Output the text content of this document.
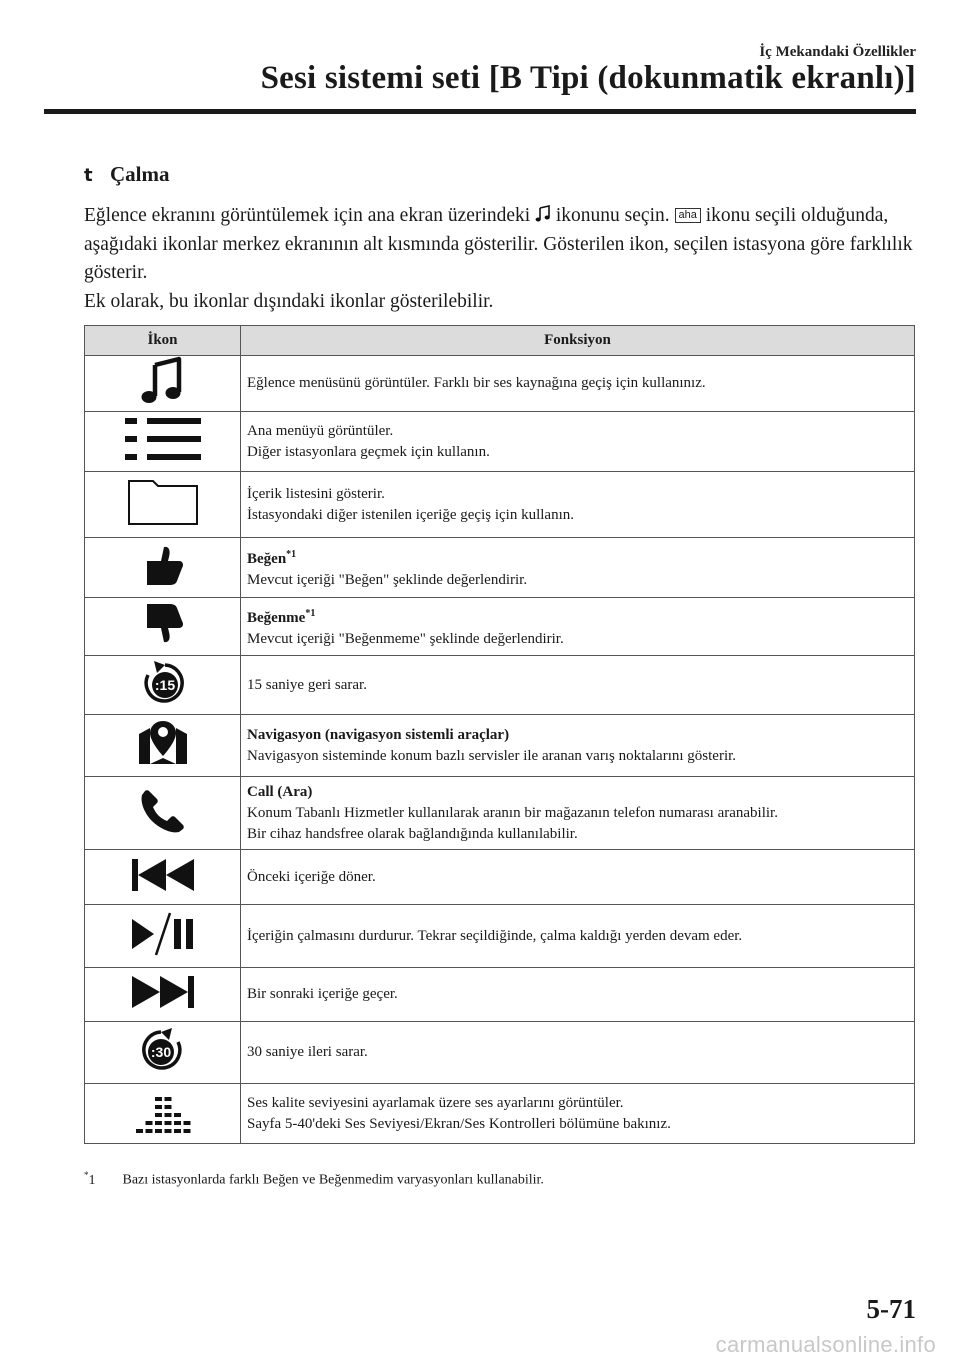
İç Mekandaki Özellikler
Sesi sistemi seti [B Tipi (dokunmatik ekranlı)]
t Çalma

Eğlence ekranını görüntülemek için ana ekran üzerindeki  ikonunu seçin. aha ikonu seçili olduğunda, aşağıdaki ikonlar merkez ekranının alt kısmında gösterilir. Gösterilen ikon, seçilen istasyona göre farklılık gösterir.

Ek olarak, bu ikonlar dışındaki ikonlar gösterilebilir.

İkon	Fonksiyon

Eğlence menüsünü görüntüler. Farklı bir ses kaynağına geçiş için kullanınız.

Ana menüyü görüntüler.
Diğer istasyonlara geçmek için kullanın.

İçerik listesini gösterir.
İstasyondaki diğer istenilen içeriğe geçiş için kullanın.

Beğen$^{*1}$
Mevcut içeriği "Beğen" şeklinde değerlendirir.

Beğenme$^{*1}$
Mevcut içeriği "Beğenmeme" şeklinde değerlendirir.

:15	15 saniye geri sarar.

Navigasyon (navigasyon sistemli araçlar)
Navigasyon sisteminde konum bazlı servisler ile aranan varış noktalarını gösterir.

Call (Ara)
Konum Tabanlı Hizmetler kullanılarak aranın bir mağazanın telefon numarası aranabilir.
Bir cihaz handsfree olarak bağlandığında kullanılabilir.

Önceki içeriğe döner.

İçeriğin çalmasını durdurur. Tekrar seçildiğinde, çalma kaldığı yerden devam eder.

Bir sonraki içeriğe geçer.

:30	30 saniye ileri sarar.

Ses kalite seviyesini ayarlamak üzere ses ayarlarını görüntüler.
Sayfa 5-40'deki Ses Seviyesi/Ekran/Ses Kontrolleri bölümüne bakınız.
*1 Bazı istasyonlarda farklı Beğen ve Beğenmedim varyasyonları kullanabilir.
5-71
carmanualsonline.info
